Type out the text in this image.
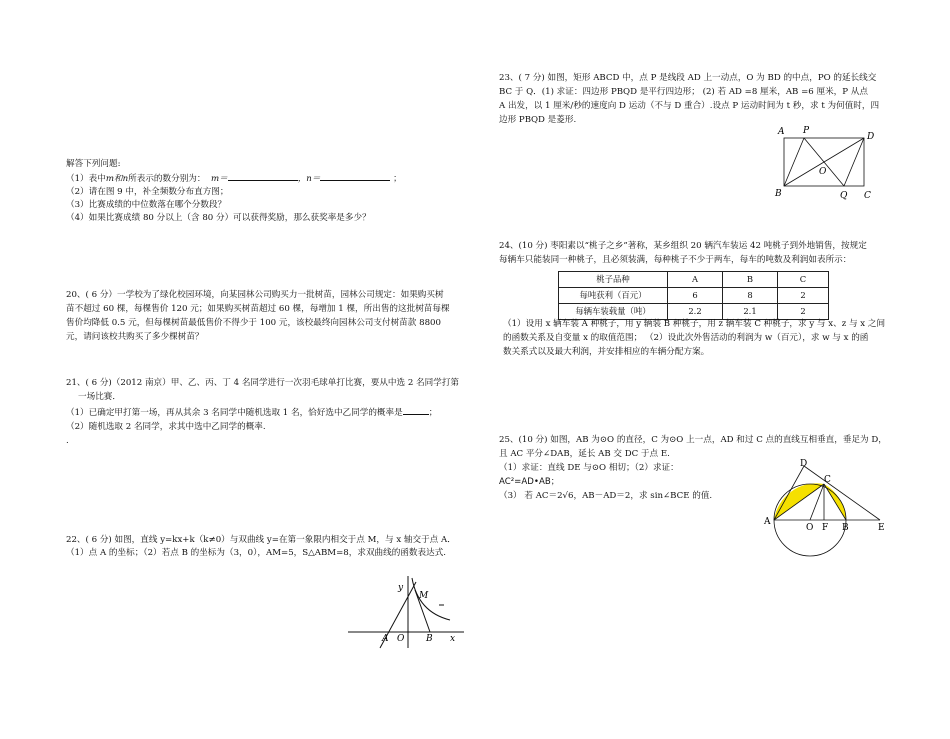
解答下列问题:

（1）表中m和n所表示的数分别为： m＝	，n＝	；

（2）请在图 9 中，补全频数分布直方图；

（3）比赛成绩的中位数落在哪个分数段？

（4）如果比赛成绩 80 分以上（含 80 分）可以获得奖励，那么获奖率是多少？

20、( 6 分）一学校为了绿化校园环境，向某园林公司购买力一批树苗，园林公司规定：如果购买树

苗不超过 60 棵，每棵售价 120 元；如果购买树苗超过 60 棵，每增加 1 棵，所出售的这批树苗每棵

售价均降低 0.5 元，但每棵树苗最低售价不得少于 100 元，该校最终向园林公司支付树苗款 8800

元，请问该校共购买了多少棵树苗？

21、( 6 分)（2012 南京）甲、乙、丙、丁 4 名同学进行一次羽毛球单打比赛，要从中选 2 名同学打第

一场比赛．

（1）已确定甲打第一场，再从其余 3 名同学中随机选取 1 名，恰好选中乙同学的概率是	；

（2）随机选取 2 名同学，求其中选中乙同学的概率.

.

22、( 6 分) 如图，直线 y=kx+k（k≠0）与双曲线 y=在第一象限内相交于点 M，与 x 轴交于点 A．

（1）点 A 的坐标；（2）若点 B 的坐标为（3，0），AM=5，S△ABM=8，求双曲线的函数表达式.

y
M
A O B x

23、( 7 分) 如图，矩形 ABCD 中，点 P 是线段 AD 上一动点，O 为 BD 的中点，PO 的延长线交

BC 于 Q．(1) 求证：四边形 PBQD 是平行四边形； (2) 若 AD =8 厘米，AB =6 厘米，P 从点

A 出发，以 1 厘米/秒的速度向 D 运动（不与 D 重合）.设点 P 运动时间为 t 秒，求 t 为何值时，四

边形 PBQD 是菱形.

A P
D
O
B	Q C

24、(10 分) 枣阳素以“桃子之乡”著称，某乡组织 20 辆汽车装运 42 吨桃子到外地销售，按规定

每辆车只能装同一种桃子，且必须装满，每种桃子不少于两车，每车的吨数及利润如表所示：

桃子品种	A	B	C
每吨获利（百元）	6	8	2
每辆车装载量（吨）	2.2	2.1	2

（1）设用 x 辆车装 A 种桃子，用 y 辆装 B 种桃子，用 z 辆车装 C 种桃子，求 y 与 x、z 与 x 之间

的函数关系及自变量 x 的取值范围； （2）设此次外售活动的利润为 w（百元），求 w 与 x 的函

数关系式以及最大利润，并安排相应的车辆分配方案。

25、(10 分) 如图，AB 为⊙O 的直径，C 为⊙O 上一点，AD 和过 C 点的直线互相垂直，垂足为 D，

且 AC 平分∠DAB，延长 AB 交 DC 于点 E.

（1）求证：直线 DE 与⊙O 相切；（2）求证：

AC²=AD•AB；

（3） 若 AC＝2√6，AB－AD＝2，求 sin∠BCE 的值.

D
C
A
O F B	E
